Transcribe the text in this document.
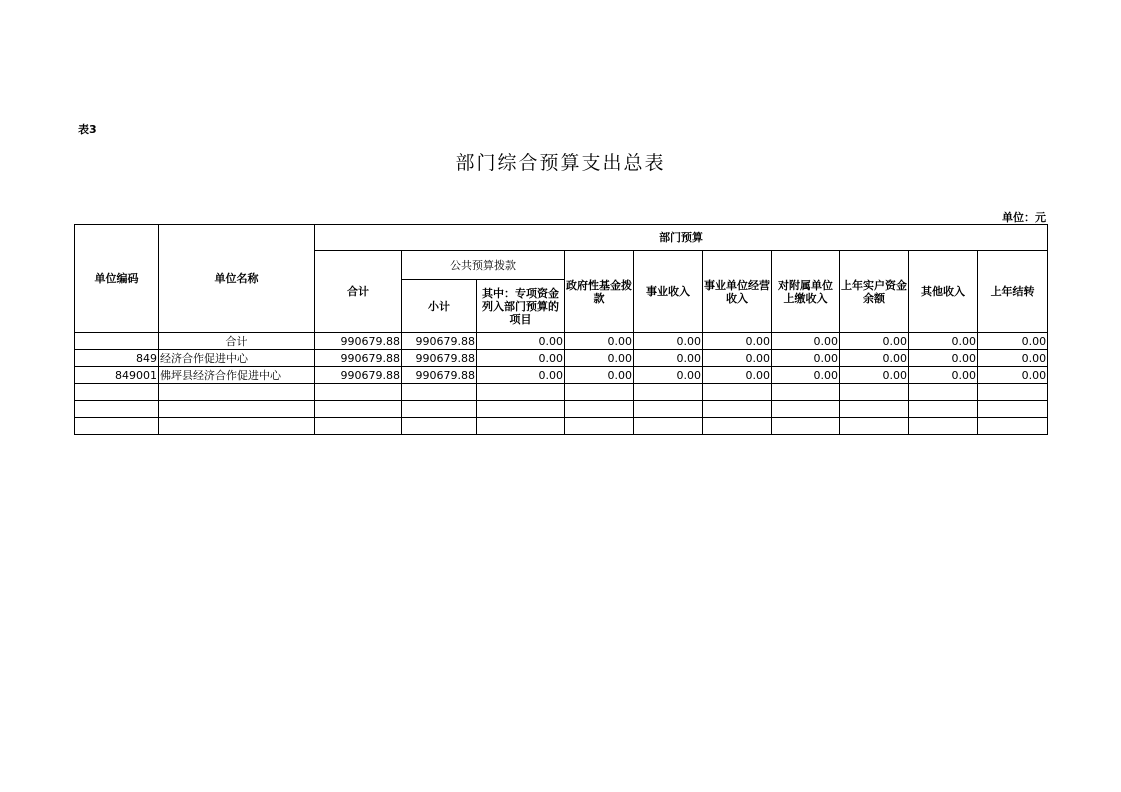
表3
部门综合预算支出总表
单位：元
单位编码	单位名称	部门预算									
		合计	公共预算拨款		政府性基金拨款	事业收入	事业单位经营收入	对附属单位上缴收入	上年实户资金余额	其他收入	上年结转
			小计	其中：专项资金列入部门预算的项目							
	合计	990679.88	990679.88	0.00	0.00	0.00	0.00	0.00	0.00	0.00	0.00
849	经济合作促进中心	990679.88	990679.88	0.00	0.00	0.00	0.00	0.00	0.00	0.00	0.00
849001	佛坪县经济合作促进中心	990679.88	990679.88	0.00	0.00	0.00	0.00	0.00	0.00	0.00	0.00
